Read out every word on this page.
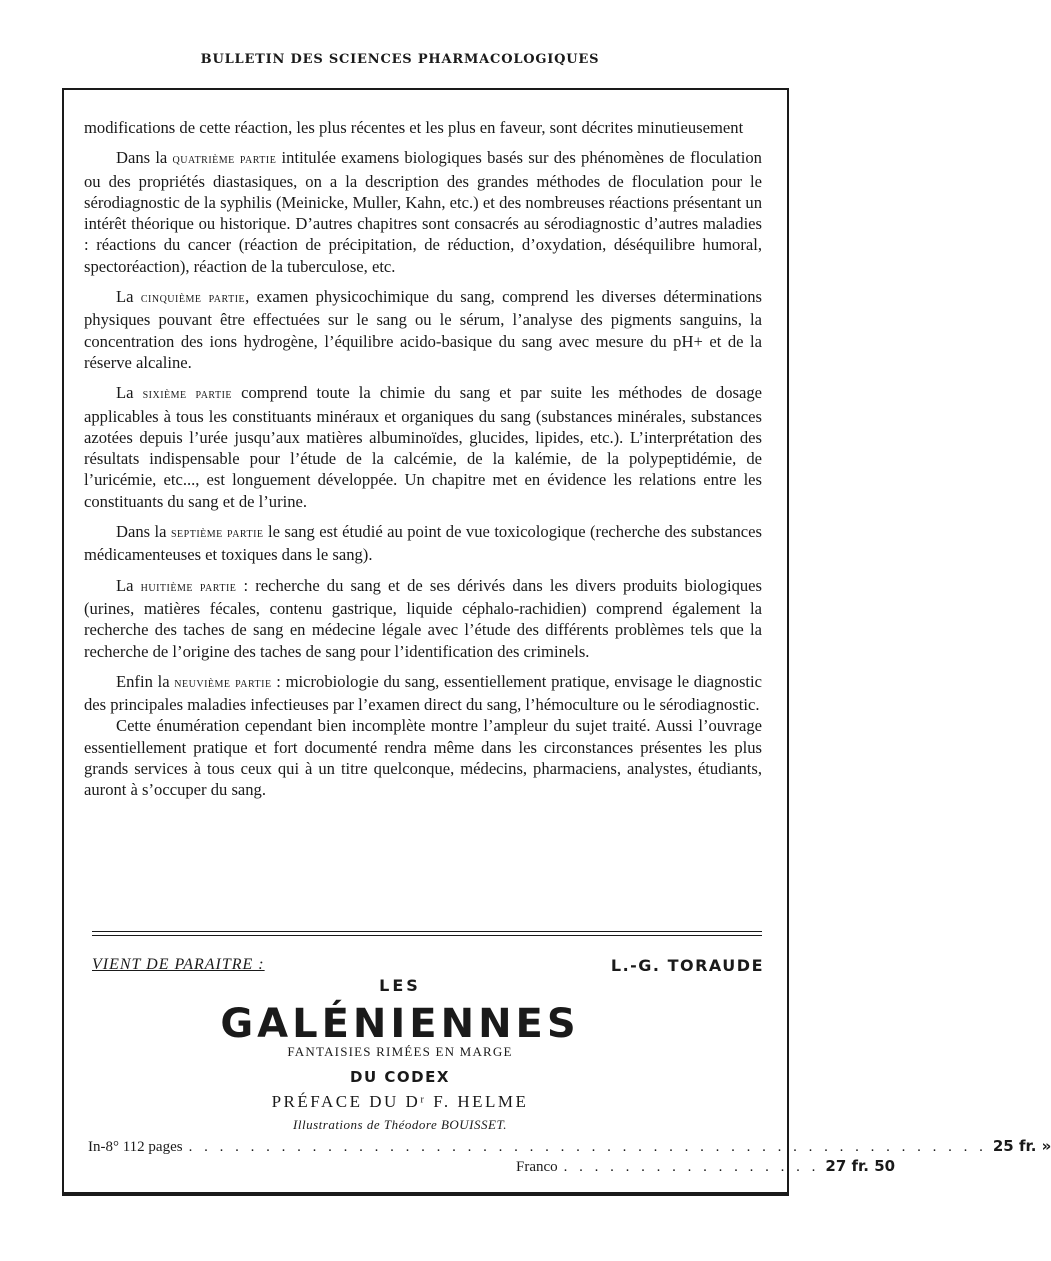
BULLETIN DES SCIENCES PHARMACOLOGIQUES

modifications de cette réaction, les plus récentes et les plus en faveur, sont décrites minutieusement

Dans la quatrième partie intitulée examens biologiques basés sur des phénomènes de floculation ou des propriétés diastasiques, on a la description des grandes méthodes de floculation pour le sérodiagnostic de la syphilis (Meinicke, Muller, Kahn, etc.) et des nombreuses réactions présentant un intérêt théorique ou historique. D’autres chapitres sont consacrés au sérodiagnostic d’autres maladies : réactions du cancer (réaction de précipitation, de réduction, d’oxydation, déséquilibre humoral, spectoréaction), réaction de la tuberculose, etc.

La cinquième partie, examen physicochimique du sang, comprend les diverses déterminations physiques pouvant être effectuées sur le sang ou le sérum, l’analyse des pigments sanguins, la concentration des ions hydrogène, l’équilibre acido-basique du sang avec mesure du pH+ et de la réserve alcaline.

La sixième partie comprend toute la chimie du sang et par suite les méthodes de dosage applicables à tous les constituants minéraux et organiques du sang (substances minérales, substances azotées depuis l’urée jusqu’aux matières albuminoïdes, glucides, lipides, etc.). L’interprétation des résultats indispensable pour l’étude de la calcémie, de la kalémie, de la polypeptidémie, de l’uricémie, etc..., est longuement développée. Un chapitre met en évidence les relations entre les constituants du sang et de l’urine.

Dans la septième partie le sang est étudié au point de vue toxicologique (recherche des substances médicamenteuses et toxiques dans le sang).

La huitième partie : recherche du sang et de ses dérivés dans les divers produits biologiques (urines, matières fécales, contenu gastrique, liquide céphalo-rachidien) comprend également la recherche des taches de sang en médecine légale avec l’étude des différents problèmes tels que la recherche de l’origine des taches de sang pour l’identification des criminels.

Enfin la neuvième partie : microbiologie du sang, essentiellement pratique, envisage le diagnostic des principales maladies infectieuses par l’examen direct du sang, l’hémoculture ou le sérodiagnostic.

Cette énumération cependant bien incomplète montre l’ampleur du sujet traité. Aussi l’ouvrage essentiellement pratique et fort documenté rendra même dans les circonstances présentes les plus grands services à tous ceux qui à un titre quelconque, médecins, pharmaciens, analystes, étudiants, auront à s’occuper du sang.

VIENT DE PARAITRE :	L.-G. TORAUDE
LES
GALÉNIENNES
FANTAISIES RIMÉES EN MARGE
DU CODEX
PRÉFACE DU Dʳ F. HELME
Illustrations de Théodore BOUISSET.
In-8° 112 pages . . . . . . . . . . . . . . . . . . . . . . . . . . . . . . . . . . . . . . . . . . . . . . . . . . . . 25 fr. »
Franco . . . . . . . . . . . . . . . . . 27 fr. 50
